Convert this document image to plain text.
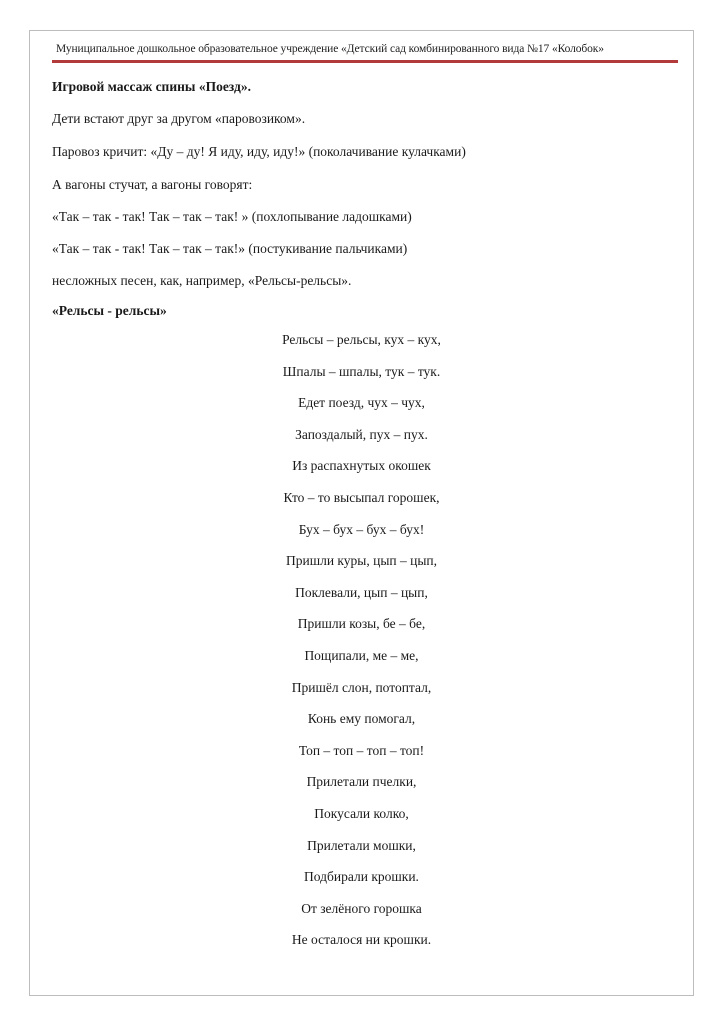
Муниципальное дошкольное образовательное учреждение «Детский сад комбинированного вида №17 «Колобок»
Игровой массаж спины «Поезд».
Дети встают друг за другом «паровозиком».
Паровоз кричит: «Ду – ду! Я иду, иду, иду!» (поколачивание кулачками)
А вагоны стучат, а вагоны говорят:
«Так – так - так! Так – так – так! » (похлопывание ладошками)
«Так – так - так! Так – так – так!» (постукивание пальчиками)
несложных песен, как, например, «Рельсы-рельсы».
«Рельсы - рельсы»
Рельсы – рельсы, кух – кух,
Шпалы – шпалы, тук – тук.
Едет поезд, чух – чух,
Запоздалый, пух – пух.
Из распахнутых окошек
Кто – то высыпал горошек,
Бух – бух – бух – бух!
Пришли куры, цып – цып,
Поклевали, цып – цып,
Пришли козы, бе – бе,
Пощипали, ме – ме,
Пришёл слон, потоптал,
Конь ему помогал,
Топ – топ – топ – топ!
Прилетали пчелки,
Покусали колко,
Прилетали мошки,
Подбирали крошки.
От зелёного горошка
Не осталося ни крошки.
